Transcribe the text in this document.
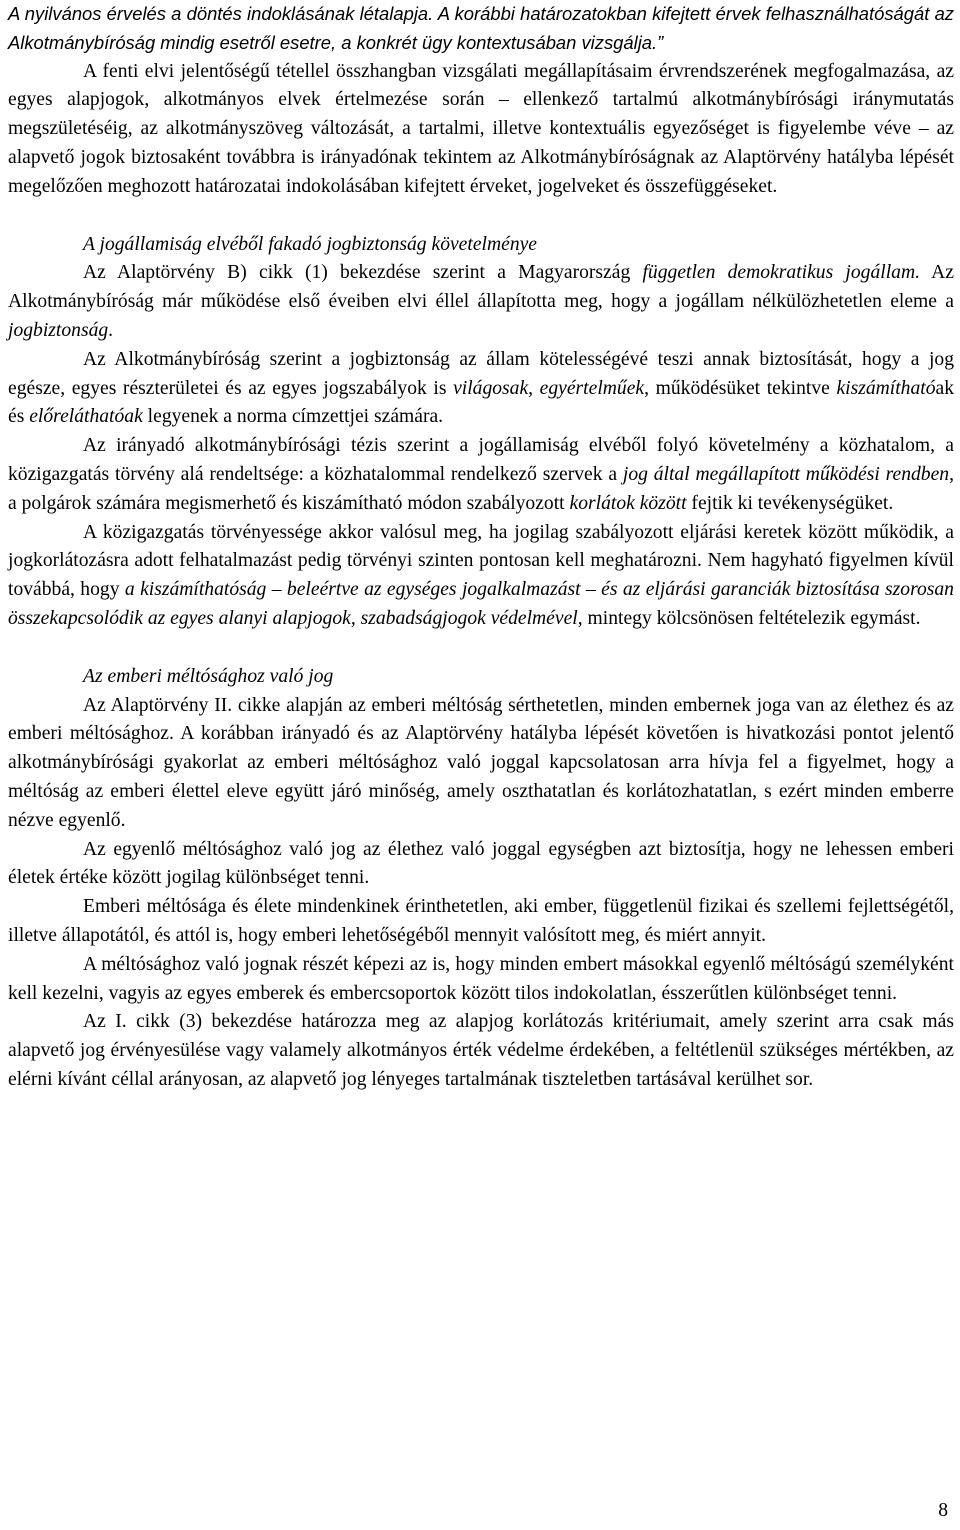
A nyilvános érvelés a döntés indoklásának létalapja. A korábbi határozatokban kifejtett érvek felhasználhatóságát az Alkotmánybíróság mindig esetről esetre, a konkrét ügy kontextusában vizsgálja.”

A fenti elvi jelentőségű tétellel összhangban vizsgálati megállapításaim érvrendszerének megfogalmazása, az egyes alapjogok, alkotmányos elvek értelmezése során – ellenkező tartalmú alkotmánybírósági iránymutatás megszületéséig, az alkotmányszöveg változását, a tartalmi, illetve kontextuális egyezőséget is figyelembe véve – az alapvető jogok biztosaként továbbra is irányadónak tekintem az Alkotmánybíróságnak az Alaptörvény hatályba lépését megelőzően meghozott határozatai indokolásában kifejtett érveket, jogelveket és összefüggéseket.

A jogállamiság elvéből fakadó jogbiztonság követelménye

Az Alaptörvény B) cikk (1) bekezdése szerint a Magyarország független demokratikus jogállam. Az Alkotmánybíróság már működése első éveiben elvi éllel állapította meg, hogy a jogállam nélkülözhetetlen eleme a jogbiztonság.

Az Alkotmánybíróság szerint a jogbiztonság az állam kötelességévé teszi annak biztosítását, hogy a jog egésze, egyes részterületei és az egyes jogszabályok is világosak, egyértelműek, működésüket tekintve kiszámíthatóak és előreláthatóak legyenek a norma címzettjei számára.

Az irányadó alkotmánybírósági tézis szerint a jogállamiság elvéből folyó követelmény a közhatalom, a közigazgatás törvény alá rendeltsége: a közhatalommal rendelkező szervek a jog által megállapított működési rendben, a polgárok számára megismerhető és kiszámítható módon szabályozott korlátok között fejtik ki tevékenységüket.

A közigazgatás törvényessége akkor valósul meg, ha jogilag szabályozott eljárási keretek között működik, a jogkorlátozásra adott felhatalmazást pedig törvényi szinten pontosan kell meghatározni. Nem hagyható figyelmen kívül továbbá, hogy a kiszámíthatóság – beleértve az egységes jogalkalmazást – és az eljárási garanciák biztosítása szorosan összekapcsolódik az egyes alanyi alapjogok, szabadságjogok védelmével, mintegy kölcsönösen feltételezik egymást.

Az emberi méltósághoz való jog

Az Alaptörvény II. cikke alapján az emberi méltóság sérthetetlen, minden embernek joga van az élethez és az emberi méltósághoz. A korábban irányadó és az Alaptörvény hatályba lépését követően is hivatkozási pontot jelentő alkotmánybírósági gyakorlat az emberi méltósághoz való joggal kapcsolatosan arra hívja fel a figyelmet, hogy a méltóság az emberi élettel eleve együtt járó minőség, amely oszthatatlan és korlátozhatatlan, s ezért minden emberre nézve egyenlő.

Az egyenlő méltósághoz való jog az élethez való joggal egységben azt biztosítja, hogy ne lehessen emberi életek értéke között jogilag különbséget tenni.

Emberi méltósága és élete mindenkinek érinthetetlen, aki ember, függetlenül fizikai és szellemi fejlettségétől, illetve állapotától, és attól is, hogy emberi lehetőségéből mennyit valósított meg, és miért annyit.

A méltósághoz való jognak részét képezi az is, hogy minden embert másokkal egyenlő méltóságú személyként kell kezelni, vagyis az egyes emberek és embercsoportok között tilos indokolatlan, ésszerűtlen különbséget tenni.

Az I. cikk (3) bekezdése határozza meg az alapjog korlátozás kritériumait, amely szerint arra csak más alapvető jog érvényesülése vagy valamely alkotmányos érték védelme érdekében, a feltétlenül szükséges mértékben, az elérni kívánt céllal arányosan, az alapvető jog lényeges tartalmának tiszteletben tartásával kerülhet sor.

8
